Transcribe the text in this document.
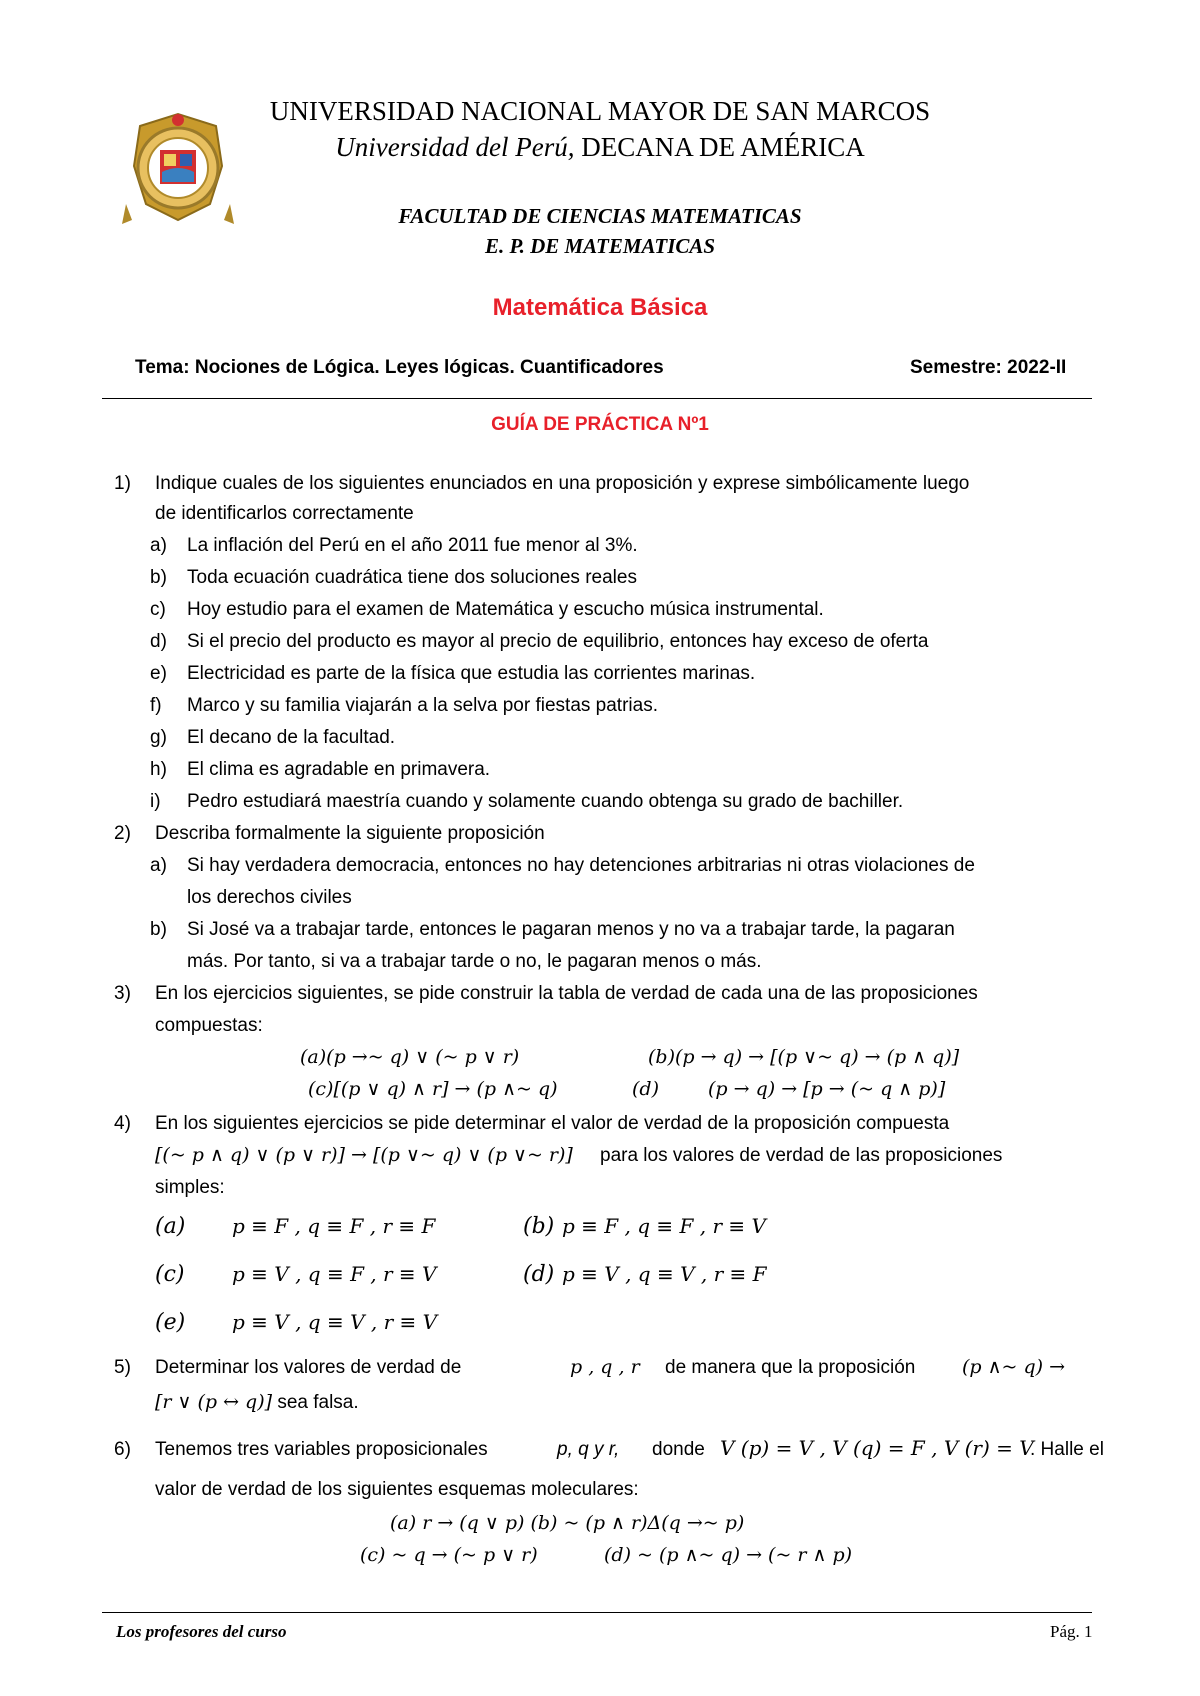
UNIVERSIDAD NACIONAL MAYOR DE SAN MARCOS
Universidad del Perú, DECANA DE AMÉRICA
FACULTAD DE CIENCIAS MATEMATICAS
E. P. DE MATEMATICAS
Matemática Básica
Tema: Nociones de Lógica. Leyes lógicas. Cuantificadores	Semestre: 2022-II
GUÍA DE PRÁCTICA Nº1
1) Indique cuales de los siguientes enunciados en una proposición y exprese simbólicamente luego
de identificarlos correctamente
a) La inflación del Perú en el año 2011 fue menor al 3%.
b) Toda ecuación cuadrática tiene dos soluciones reales
c) Hoy estudio para el examen de Matemática y escucho música instrumental.
d) Si el precio del producto es mayor al precio de equilibrio, entonces hay exceso de oferta
e) Electricidad es parte de la física que estudia las corrientes marinas.
f) Marco y su familia viajarán a la selva por fiestas patrias.
g) El decano de la facultad.
h) El clima es agradable en primavera.
i) Pedro estudiará maestría cuando y solamente cuando obtenga su grado de bachiller.
2) Describa formalmente la siguiente proposición
a) Si hay verdadera democracia, entonces no hay detenciones arbitrarias ni otras violaciones de
los derechos civiles
b) Si José va a trabajar tarde, entonces le pagaran menos y no va a trabajar tarde, la pagaran
más. Por tanto, si va a trabajar tarde o no, le pagaran menos o más.
3) En los ejercicios siguientes, se pide construir la tabla de verdad de cada una de las proposiciones
compuestas:
(a)(p →~ q) ∨ (~ p ∨ r)	(b)(p → q) → [(p ∨~ q) → (p ∧ q)]
(c)[(p ∨ q) ∧ r] → (p ∧~ q)	(d)	(p → q) → [p → (~ q ∧ p)]
4) En los siguientes ejercicios se pide determinar el valor de verdad de la proposición compuesta
[(~ p ∧ q) ∨ (p ∨ r)] → [(p ∨~ q) ∨ (p ∨~ r)] para los valores de verdad de las proposiciones
simples:
(a) p ≡ F , q ≡ F , r ≡ F	(b) p ≡ F , q ≡ F , r ≡ V
(c) p ≡ V , q ≡ F , r ≡ V	(d) p ≡ V , q ≡ V , r ≡ F
(e) p ≡ V , q ≡ V , r ≡ V
5) Determinar los valores de verdad de	p , q , r de manera que la proposición (p ∧~ q) →
[r ∨ (p ↔ q)] sea falsa.
6) Tenemos tres variables proposicionales	p, q y r, donde V (p) = V , V (q) = F , V (r) = V
. Halle el
valor de verdad de los siguientes esquemas moleculares:
(a) r → (q ∨ p) (b) ~ (p ∧ r)Δ(q →~ p)
(c) ~ q → (~ p ∨ r)	(d) ~ (p ∧~ q) → (~ r ∧ p)
Los profesores del curso	Pág. 1
